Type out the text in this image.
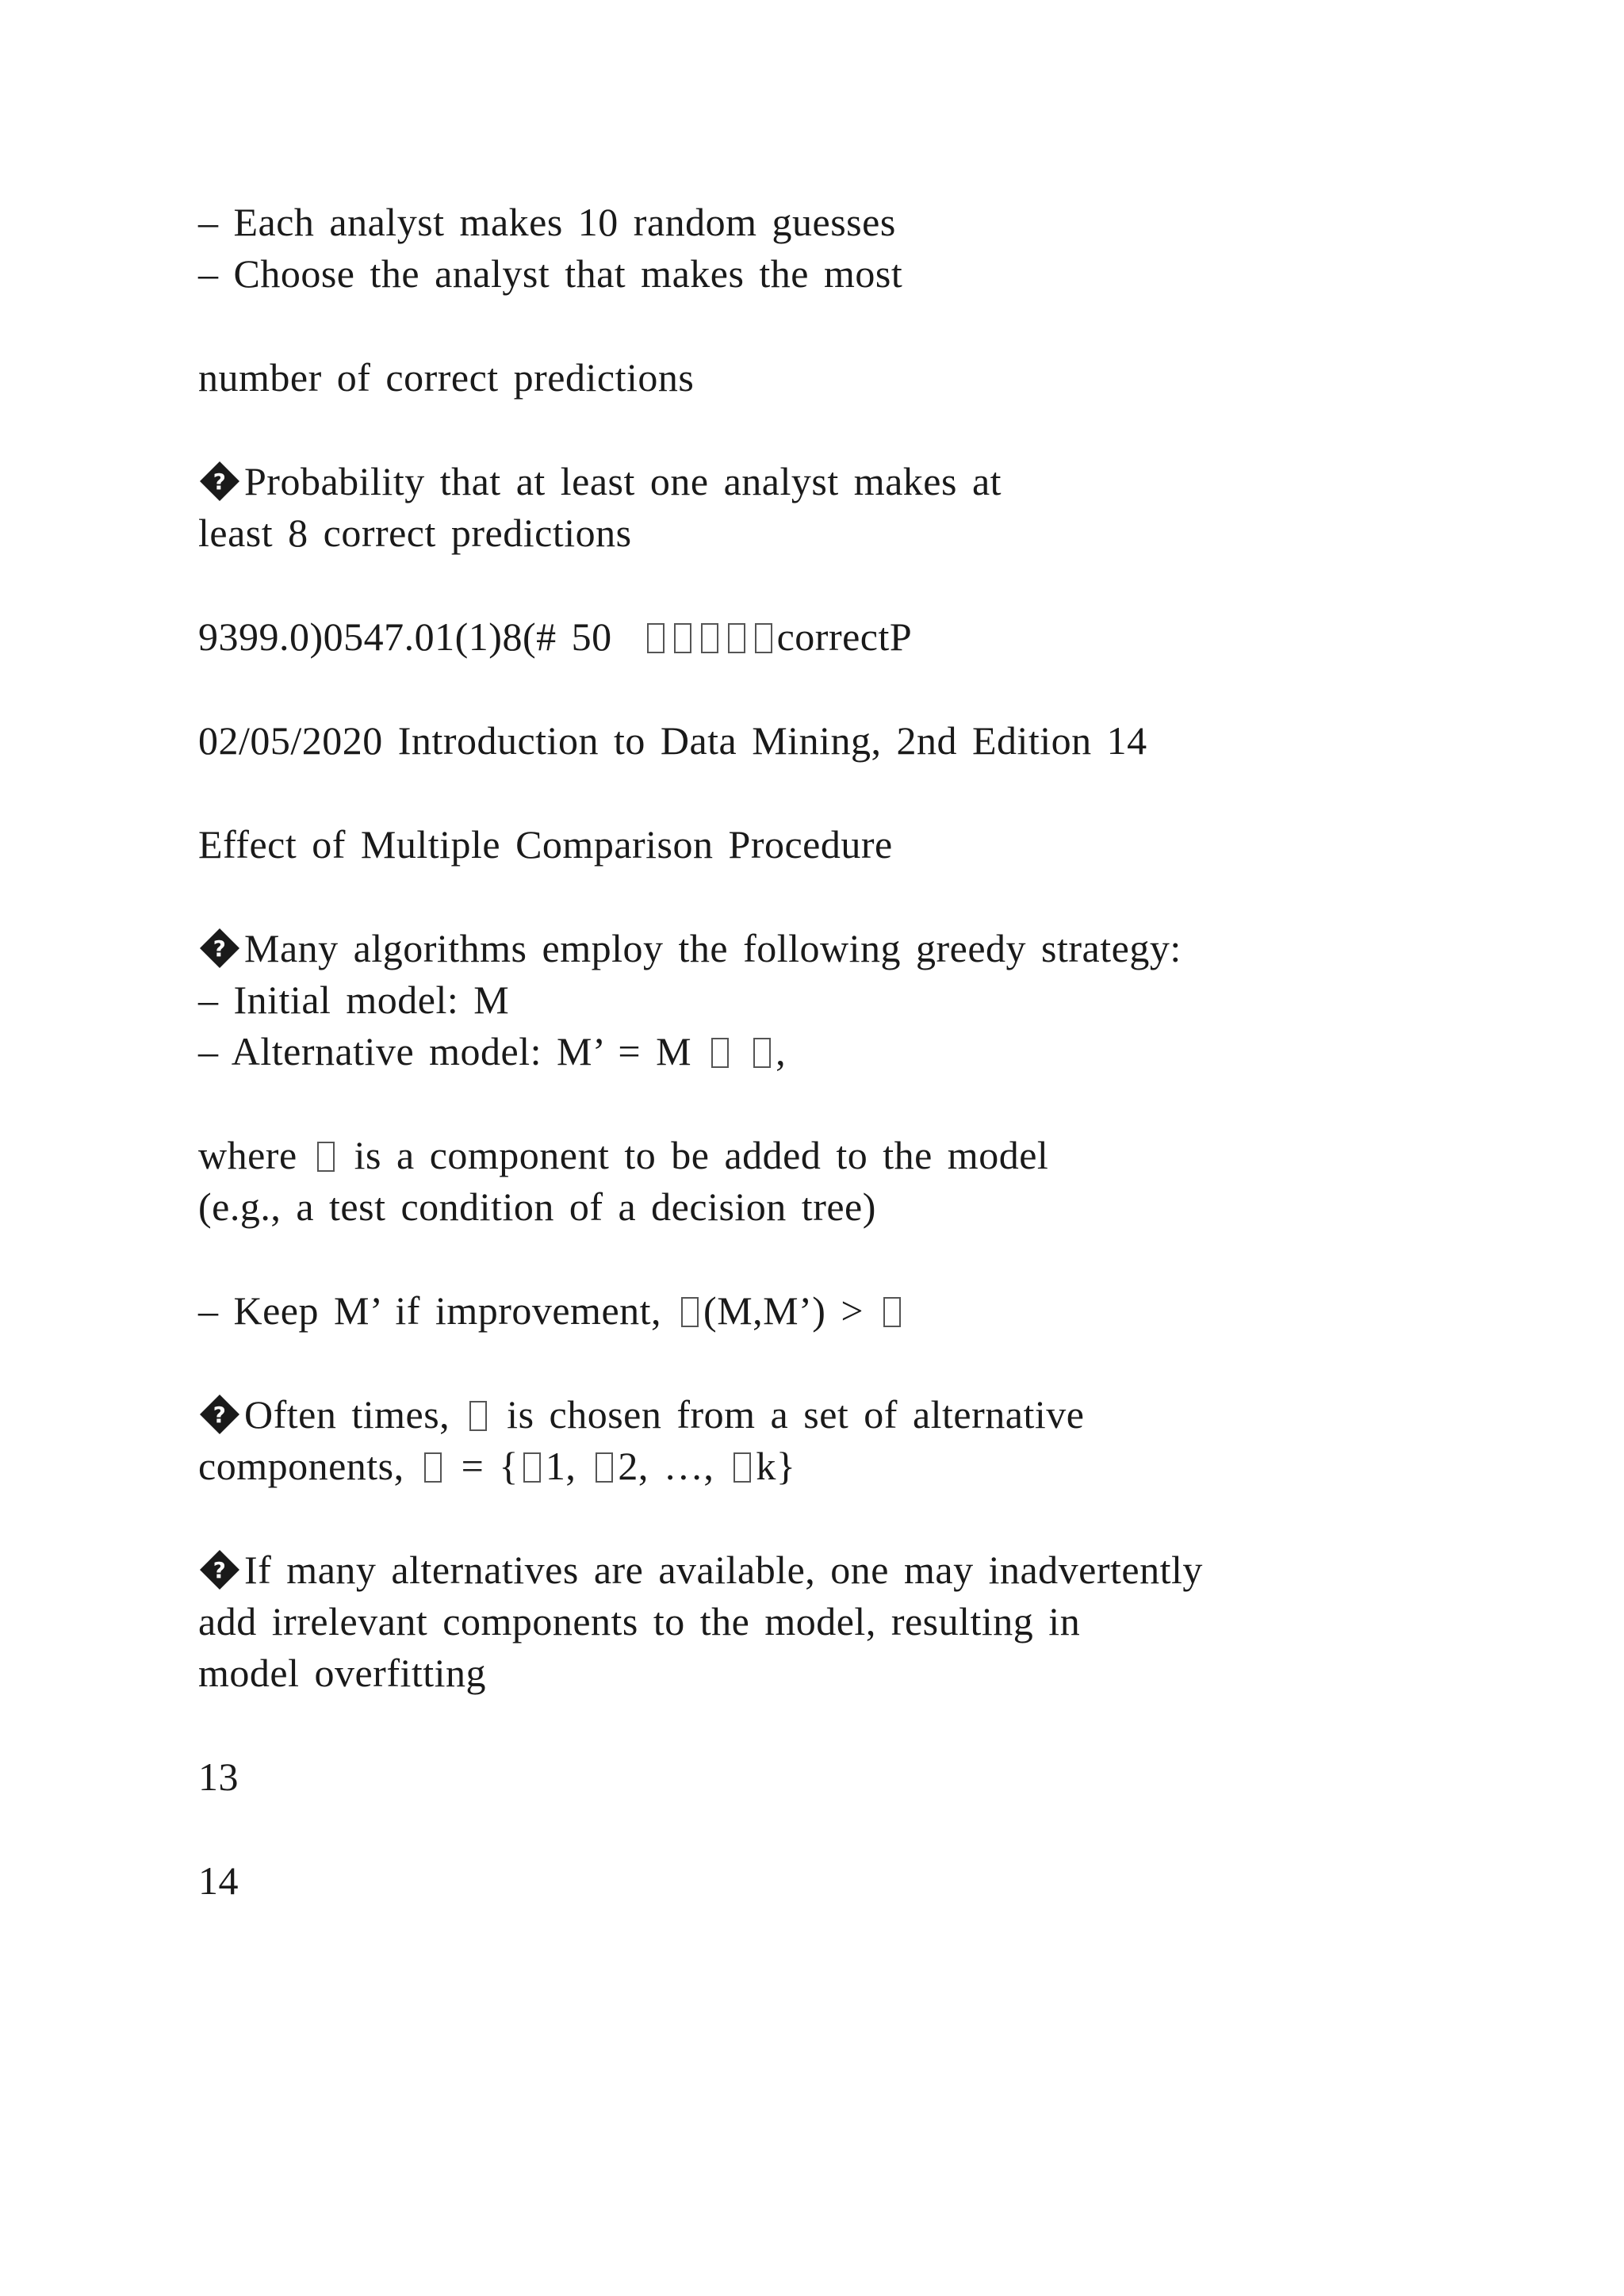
– Each analyst makes 10 random guesses
– Choose the analyst that makes the most
number of correct predictions
? Probability that at least one analyst makes at
least 8 correct predictions
9399.0)0547.01(1)8(# 50	correctP
02/05/2020 Introduction to Data Mining, 2nd Edition 14
Effect of Multiple Comparison Procedure
? Many algorithms employ the following greedy strategy:
– Initial model: M
– Alternative model: M’ = M ,
where is a component to be added to the model
(e.g., a test condition of a decision tree)
– Keep M’ if improvement, (M,M’) >
? Often times, is chosen from a set of alternative
components, = { 1, 2, …, k}
? If many alternatives are available, one may inadvertently
add irrelevant components to the model, resulting in
model overfitting
13
14
